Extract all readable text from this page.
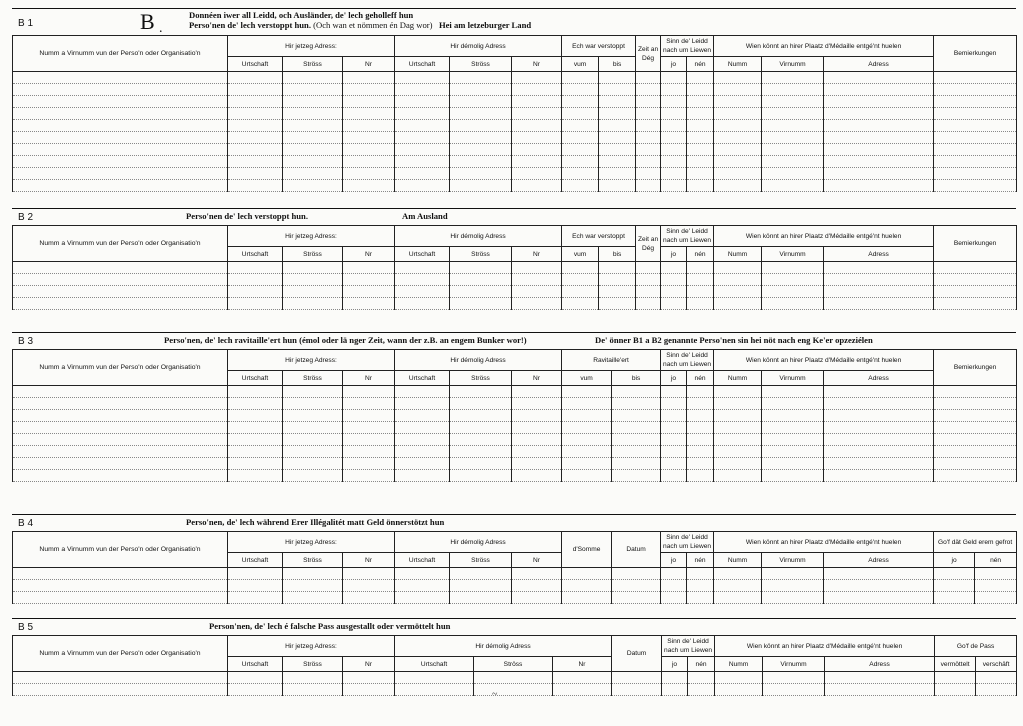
B 1	B .
Donnéen iwer all Leidd, och Ausländer, de' lech geholleff hun
Perso'nen de' lech verstoppt hun. (Och wan et nömmen én Dag wor) Hei am letzeburger Land
Numm a Virnumm vun der Perso'n oder Organisatio'n	Hir jetzeg Adress:			Hir démolig Adress			Ech war verstoppt		Zeit an Dég	Sinn de' Leidd nach um Liewen		Wien könnt an hirer Plaatz d'Médaille entgé'nt huelen			Bemierkungen
	Urtschaft	Ströss	Nr	Urtschaft	Ströss	Nr	vum	bis		jo	nén	Numm	Virnumm	Adress	

B 2	Perso'nen de' lech verstoppt hun.	Am Ausland
Numm a Virnumm vun der Perso'n oder Organisatio'n	Hir jetzeg Adress:			Hir démolig Adress			Ech war verstoppt		Zeit an Dég	Sinn de' Leidd nach um Liewen		Wien könnt an hirer Plaatz d'Médaille entgé'nt huelen			Bemierkungen
	Urtschaft	Ströss	Nr	Urtschaft	Ströss	Nr	vum	bis		jo	nén	Numm	Virnumm	Adress	

B 3	Perso'nen, de' lech ravitaille'ert hun (émol oder lä nger Zeit, wann der z.B. an engem Bunker wor!)	De' önner B1 a B2 genannte Perso'nen sin hei nöt nach eng Ke'er opzeziélen
Numm a Virnumm vun der Perso'n oder Organisatio'n	Hir jetzeg Adress:			Hir démolig Adress			Ravitaille'ert		Sinn de' Leidd nach um Liewen		Wien könnt an hirer Plaatz d'Médaille entgé'nt huelen			Bemierkungen
	Urtschaft	Ströss	Nr	Urtschaft	Ströss	Nr	vum	bis	jo	nén	Numm	Virnumm	Adress	

B 4	Perso'nen, de' lech während Erer Illégalitét matt Geld önnerstötzt hun
Numm a Virnumm vun der Perso'n oder Organisatio'n	Hir jetzeg Adress:			Hir démolig Adress			d'Somme	Datum	Sinn de' Leidd nach um Liewen		Wien könnt an hirer Plaatz d'Médaille entgé'nt huelen			Go'f dät Geld erem gefrot	
	Urtschaft	Ströss	Nr	Urtschaft	Ströss	Nr			jo	nén	Numm	Virnumm	Adress	jo	nén

B 5	Person'nen, de' lech é falsche Pass ausgestallt oder vermöttelt hun
Numm a Virnumm vun der Perso'n oder Organisatio'n	Hir jetzeg Adress:			Hir démolig Adress			Datum	Sinn de' Leidd nach um Liewen		Wien könnt an hirer Plaatz d'Médaille entgé'nt huelen			Go'f de Pass	
	Urtschaft	Ströss	Nr	Urtschaft	Ströss	Nr		jo	nén	Numm	Virnumm	Adress	vermöttelt	verschäft

~
